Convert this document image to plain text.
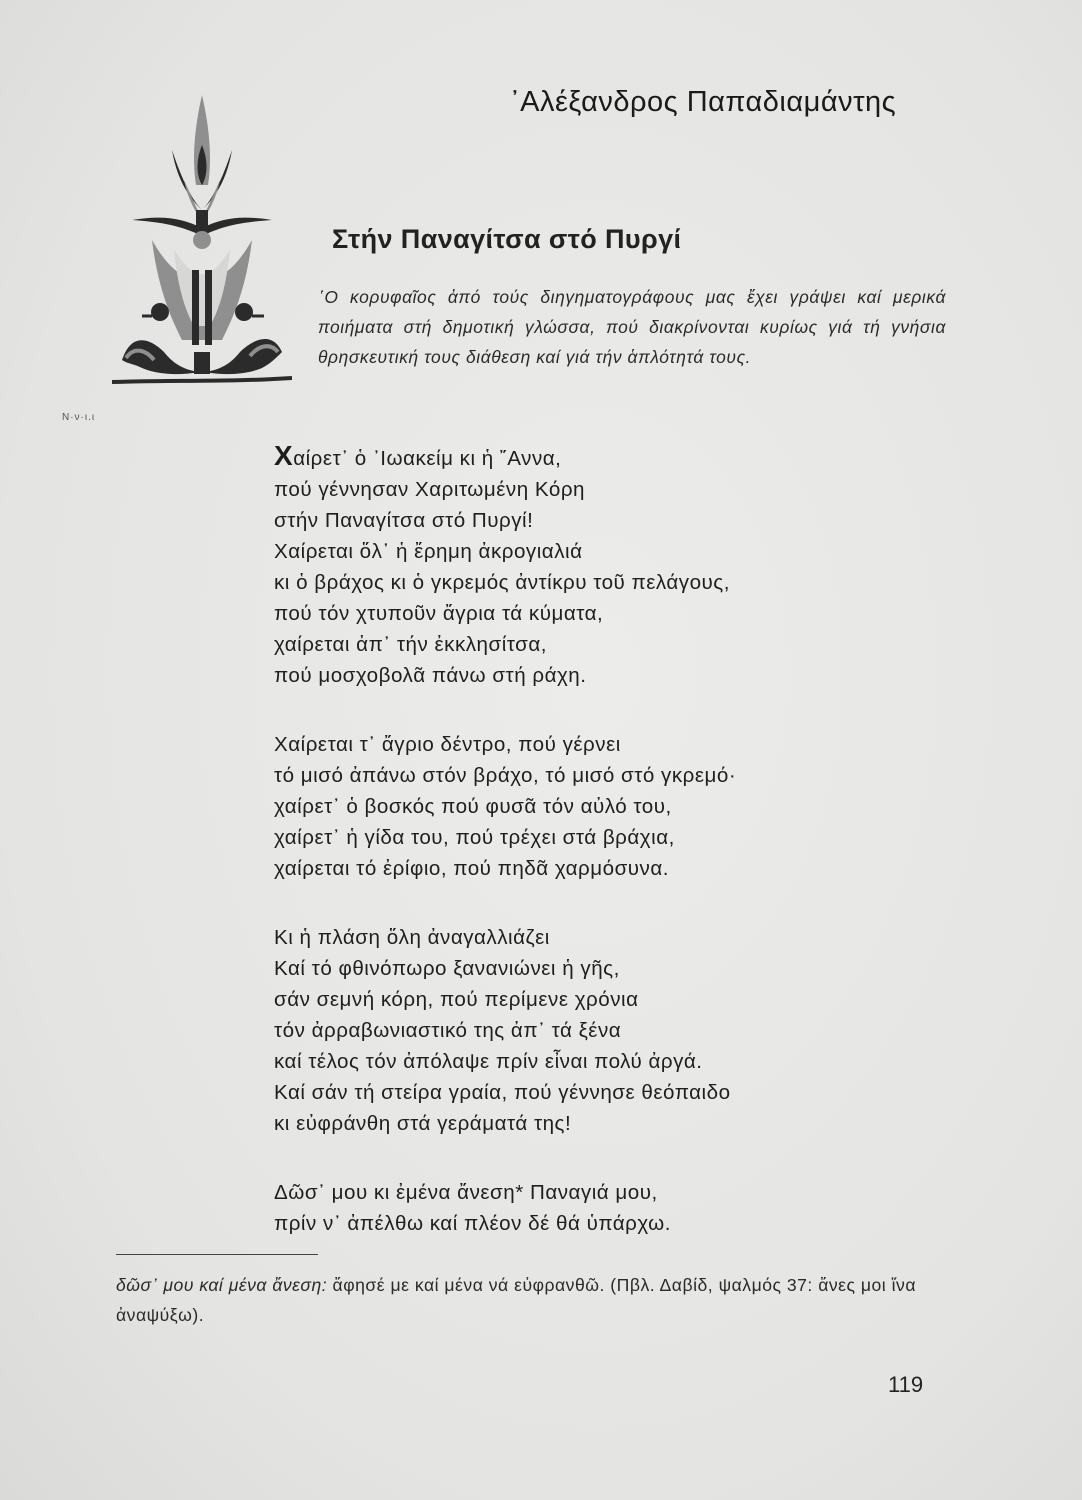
᾿Αλέξανδρος Παπαδιαμάντης
Ν·ν·ι.ι
Στήν Παναγίτσα στό Πυργί
῾Ο κορυφαῖος ἀπό τούς διηγηματογράφους μας ἔχει γράψει καί μερικά ποιήματα στή δημοτική γλώσσα, πού διακρίνονται κυρίως γιά τή γνήσια θρησκευτική τους διάθεση καί γιά τήν ἁπλότητά τους.
Χαίρετ᾿ ὁ ᾿Ιωακείμ κι ἡ ῎Αννα,
πού γέννησαν Χαριτωμένη Κόρη
στήν Παναγίτσα στό Πυργί!
Χαίρεται ὅλ᾿ ἡ ἔρημη ἀκρογιαλιά
κι ὁ βράχος κι ὁ γκρεμός ἀντίκρυ τοῦ πελάγους,
πού τόν χτυποῦν ἄγρια τά κύματα,
χαίρεται ἀπ᾿ τήν ἐκκλησίτσα,
πού μοσχοβολᾶ πάνω στή ράχη.
Χαίρεται τ᾿ ἄγριο δέντρο, πού γέρνει
τό μισό ἀπάνω στόν βράχο, τό μισό στό γκρεμό·
χαίρετ᾿ ὁ βοσκός πού φυσᾶ τόν αὐλό του,
χαίρετ᾿ ἡ γίδα του, πού τρέχει στά βράχια,
χαίρεται τό ἐρίφιο, πού πηδᾶ χαρμόσυνα.
Κι ἡ πλάση ὅλη ἀναγαλλιάζει
Καί τό φθινόπωρο ξανανιώνει ἡ γῆς,
σάν σεμνή κόρη, πού περίμενε χρόνια
τόν ἀρραβωνιαστικό της ἀπ᾿ τά ξένα
καί τέλος τόν ἀπόλαψε πρίν εἶναι πολύ ἀργά.
Καί σάν τή στείρα γραία, πού γέννησε θεόπαιδο
κι εὐφράνθη στά γεράματά της!
Δῶσ᾿ μου κι ἐμένα ἄνεση* Παναγιά μου,
πρίν ν᾿ ἀπέλθω καί πλέον δέ θά ὑπάρχω.
δῶσ᾿ μου καί μένα ἄνεση: ἄφησέ με καί μένα νά εὐφρανθῶ. (Πβλ. Δαβίδ, ψαλμός 37: ἄνες μοι ἵνα ἀναψύξω).
119
